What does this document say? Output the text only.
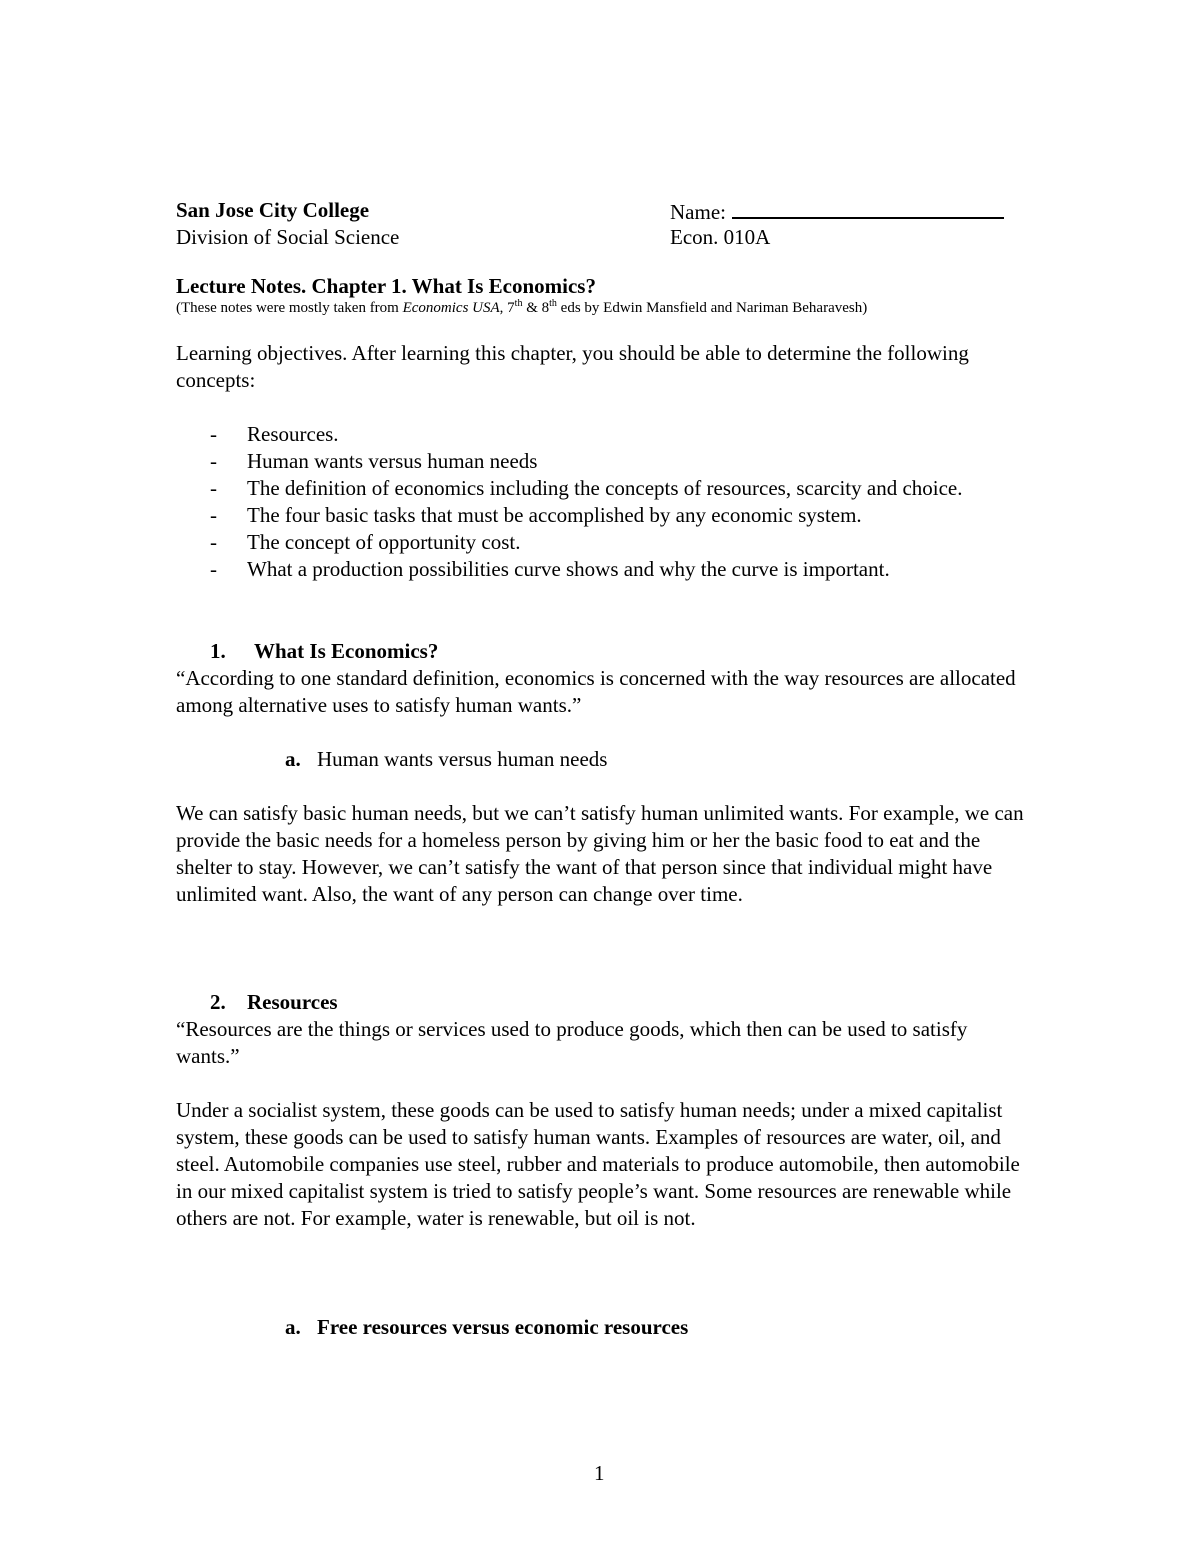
San Jose City College
Division of Social Science
Name:
Econ. 010A
Lecture Notes. Chapter 1. What Is Economics?
(These notes were mostly taken from Economics USA, 7th & 8th eds by Edwin Mansfield and Nariman Beharavesh)
Learning objectives. After learning this chapter, you should be able to determine the following concepts:
- Resources.
- Human wants versus human needs
- The definition of economics including the concepts of resources, scarcity and choice.
- The four basic tasks that must be accomplished by any economic system.
- The concept of opportunity cost.
- What a production possibilities curve shows and why the curve is important.
1. What Is Economics?
“According to one standard definition, economics is concerned with the way resources are allocated among alternative uses to satisfy human wants.”
a. Human wants versus human needs
We can satisfy basic human needs, but we can’t satisfy human unlimited wants. For example, we can provide the basic needs for a homeless person by giving him or her the basic food to eat and the shelter to stay. However, we can’t satisfy the want of that person since that individual might have unlimited want. Also, the want of any person can change over time.
2. Resources
“Resources are the things or services used to produce goods, which then can be used to satisfy wants.”
Under a socialist system, these goods can be used to satisfy human needs; under a mixed capitalist system, these goods can be used to satisfy human wants. Examples of resources are water, oil, and steel. Automobile companies use steel, rubber and materials to produce automobile, then automobile in our mixed capitalist system is tried to satisfy people’s want. Some resources are renewable while others are not. For example, water is renewable, but oil is not.
a. Free resources versus economic resources
1
